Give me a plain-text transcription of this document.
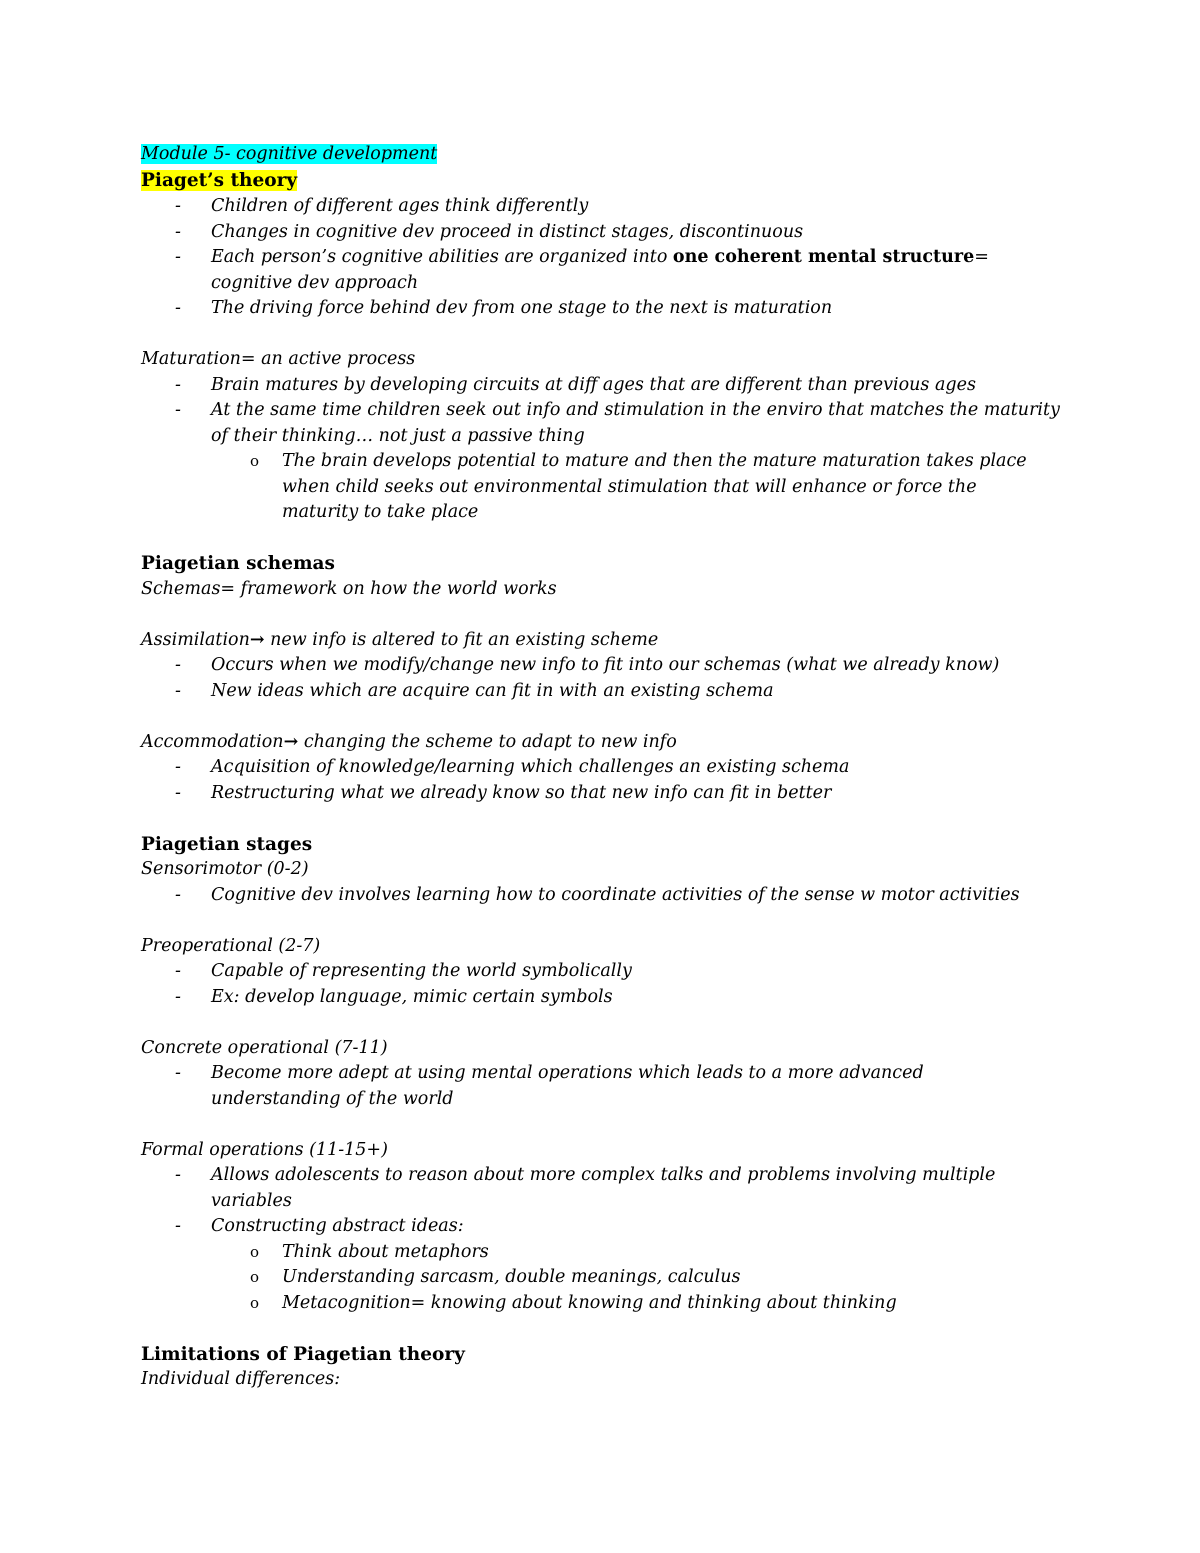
Module 5- cognitive development

Piaget’s theory

- Children of different ages think differently
- Changes in cognitive dev proceed in distinct stages, discontinuous
- Each person’s cognitive abilities are organized into one coherent mental structure= cognitive dev approach
- The driving force behind dev from one stage to the next is maturation

Maturation= an active process

- Brain matures by developing circuits at diff ages that are different than previous ages
- At the same time children seek out info and stimulation in the enviro that matches the maturity of their thinking… not just a passive thing
o The brain develops potential to mature and then the mature maturation takes place when child seeks out environmental stimulation that will enhance or force the maturity to take place

Piagetian schemas

Schemas= framework on how the world works

Assimilation→ new info is altered to fit an existing scheme

- Occurs when we modify/change new info to fit into our schemas (what we already know)
- New ideas which are acquire can fit in with an existing schema

Accommodation→ changing the scheme to adapt to new info

- Acquisition of knowledge/learning which challenges an existing schema
- Restructuring what we already know so that new info can fit in better

Piagetian stages

Sensorimotor (0-2)

- Cognitive dev involves learning how to coordinate activities of the sense w motor activities

Preoperational (2-7)

- Capable of representing the world symbolically
- Ex: develop language, mimic certain symbols

Concrete operational (7-11)

- Become more adept at using mental operations which leads to a more advanced understanding of the world

Formal operations (11-15+)

- Allows adolescents to reason about more complex talks and problems involving multiple variables
- Constructing abstract ideas:
o Think about metaphors
o Understanding sarcasm, double meanings, calculus
o Metacognition= knowing about knowing and thinking about thinking

Limitations of Piagetian theory

Individual differences:
